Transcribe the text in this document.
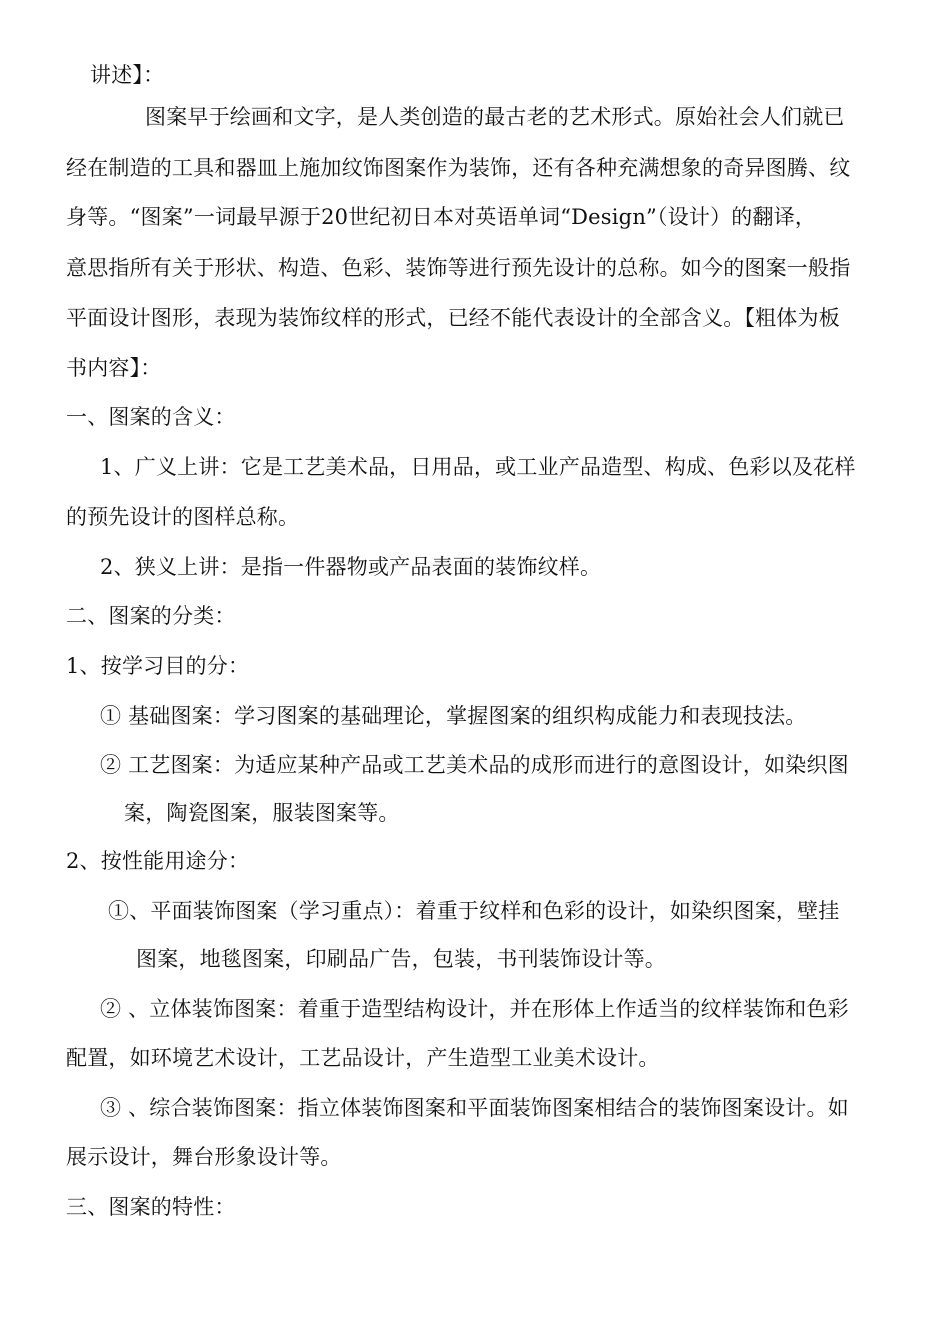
讲述】：
图案早于绘画和文字，是人类创造的最古老的艺术形式。原始社会人们就已
经在制造的工具和器皿上施加纹饰图案作为装饰，还有各种充满想象的奇异图腾、纹
身等。“图案”一词最早源于20世纪初日本对英语单词“Design”（设计）的翻译，
意思指所有关于形状、构造、色彩、装饰等进行预先设计的总称。如今的图案一般指
平面设计图形，表现为装饰纹样的形式，已经不能代表设计的全部含义。【粗体为板
书内容】：
一、图案的含义：
1、广义上讲：它是工艺美术品，日用品，或工业产品造型、构成、色彩以及花样
的预先设计的图样总称。
2、狭义上讲：是指一件器物或产品表面的装饰纹样。
二、图案的分类：
1、按学习目的分：
① 基础图案：学习图案的基础理论，掌握图案的组织构成能力和表现技法。
② 工艺图案：为适应某种产品或工艺美术品的成形而进行的意图设计，如染织图
案，陶瓷图案，服装图案等。
2、按性能用途分：
①、平面装饰图案（学习重点）：着重于纹样和色彩的设计，如染织图案，壁挂
图案，地毯图案，印刷品广告，包装，书刊装饰设计等。
② 、立体装饰图案：着重于造型结构设计，并在形体上作适当的纹样装饰和色彩
配置，如环境艺术设计，工艺品设计，产生造型工业美术设计。
③ 、综合装饰图案：指立体装饰图案和平面装饰图案相结合的装饰图案设计。如
展示设计，舞台形象设计等。
三、图案的特性：
